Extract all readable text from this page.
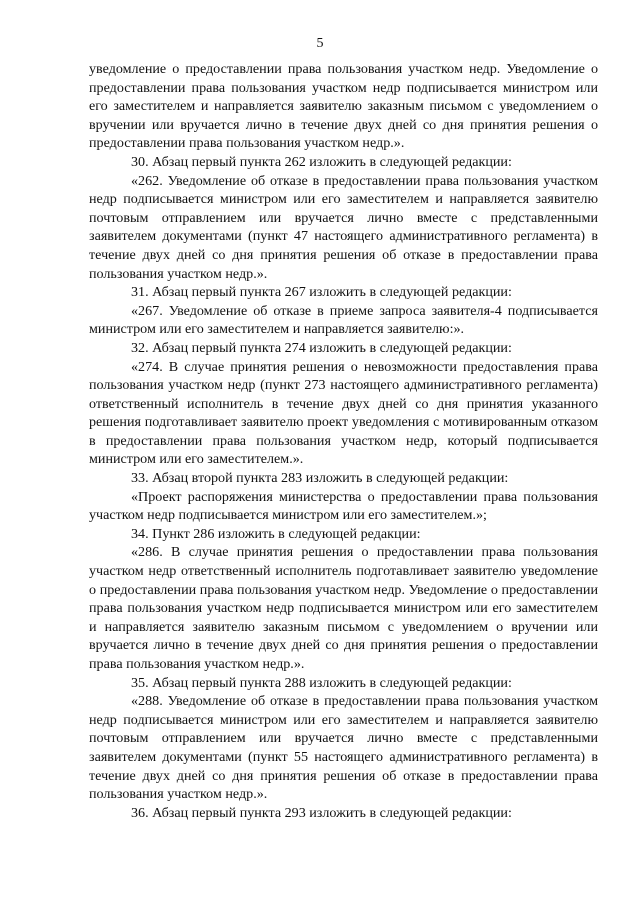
5

уведомление о предоставлении права пользования участком недр. Уведомление о предоставлении права пользования участком недр подписывается министром или его заместителем и направляется заявителю заказным письмом с уведомлением о вручении или вручается лично в течение двух дней со дня принятия решения о предоставлении права пользования участком недр.».

30. Абзац первый пункта 262 изложить в следующей редакции:

«262. Уведомление об отказе в предоставлении права пользования участком недр подписывается министром или его заместителем и направляется заявителю почтовым отправлением или вручается лично вместе с представленными заявителем документами (пункт 47 настоящего административного регламента) в течение двух дней со дня принятия решения об отказе в предоставлении права пользования участком недр.».

31. Абзац первый пункта 267 изложить в следующей редакции:

«267. Уведомление об отказе в приеме запроса заявителя-4 подписывается министром или его заместителем и направляется заявителю:».

32. Абзац первый пункта 274 изложить в следующей редакции:

«274. В случае принятия решения о невозможности предоставления права пользования участком недр (пункт 273 настоящего административного регламента) ответственный исполнитель в течение двух дней со дня принятия указанного решения подготавливает заявителю проект уведомления с мотивированным отказом в предоставлении права пользования участком недр, который подписывается министром или его заместителем.».

33. Абзац второй пункта 283 изложить в следующей редакции:

«Проект распоряжения министерства о предоставлении права пользования участком недр подписывается министром или его заместителем.»;

34. Пункт 286 изложить в следующей редакции:

«286. В случае принятия решения о предоставлении права пользования участком недр ответственный исполнитель подготавливает заявителю уведомление о предоставлении права пользования участком недр. Уведомление о предоставлении права пользования участком недр подписывается министром или его заместителем и направляется заявителю заказным письмом с уведомлением о вручении или вручается лично в течение двух дней со дня принятия решения о предоставлении права пользования участком недр.».

35. Абзац первый пункта 288 изложить в следующей редакции:

«288. Уведомление об отказе в предоставлении права пользования участком недр подписывается министром или его заместителем и направляется заявителю почтовым отправлением или вручается лично вместе с представленными заявителем документами (пункт 55 настоящего административного регламента) в течение двух дней со дня принятия решения об отказе в предоставлении права пользования участком недр.».

36. Абзац первый пункта 293 изложить в следующей редакции:
